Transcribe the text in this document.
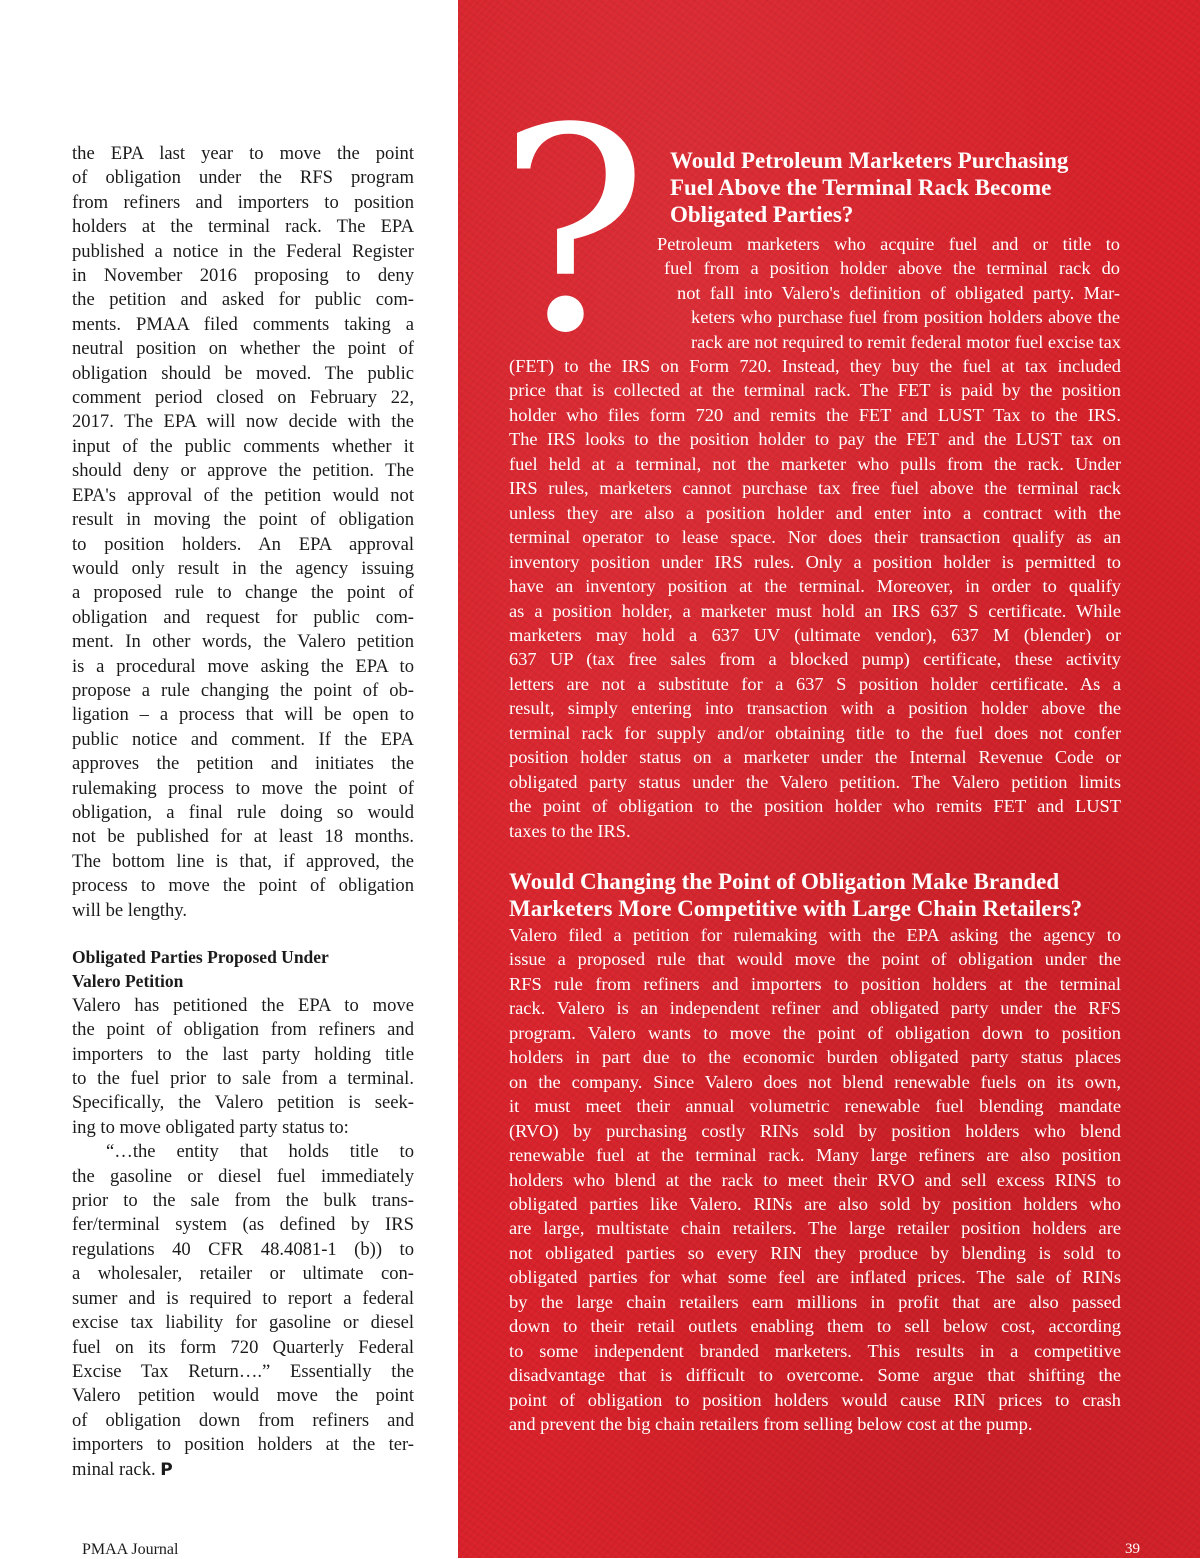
the EPA last year to move the point
of obligation under the RFS program
from refiners and importers to position
holders at the terminal rack. The EPA
published a notice in the Federal Register
in November 2016 proposing to deny
the petition and asked for public com-
ments. PMAA filed comments taking a
neutral position on whether the point of
obligation should be moved. The public
comment period closed on February 22,
2017. The EPA will now decide with the
input of the public comments whether it
should deny or approve the petition. The
EPA's approval of the petition would not
result in moving the point of obligation
to position holders. An EPA approval
would only result in the agency issuing
a proposed rule to change the point of
obligation and request for public com-
ment. In other words, the Valero petition
is a procedural move asking the EPA to
propose a rule changing the point of ob-
ligation – a process that will be open to
public notice and comment. If the EPA
approves the petition and initiates the
rulemaking process to move the point of
obligation, a final rule doing so would
not be published for at least 18 months.
The bottom line is that, if approved, the
process to move the point of obligation
will be lengthy.
Obligated Parties Proposed Under
Valero Petition
Valero has petitioned the EPA to move
the point of obligation from refiners and
importers to the last party holding title
to the fuel prior to sale from a terminal.
Specifically, the Valero petition is seek-
ing to move obligated party status to:
“…the entity that holds title to
the gasoline or diesel fuel immediately
prior to the sale from the bulk trans-
fer/terminal system (as defined by IRS
regulations 40 CFR 48.4081-1 (b)) to
a wholesaler, retailer or ultimate con-
sumer and is required to report a federal
excise tax liability for gasoline or diesel
fuel on its form 720 Quarterly Federal
Excise Tax Return….” Essentially the
Valero petition would move the point
of obligation down from refiners and
importers to position holders at the ter-
minal rack. P
? Would Petroleum Marketers Purchasing
Fuel Above the Terminal Rack Become
Obligated Parties?
Petroleum marketers who acquire fuel and or title to
fuel from a position holder above the terminal rack do
not fall into Valero's definition of obligated party. Mar-
keters who purchase fuel from position holders above the
rack are not required to remit federal motor fuel excise tax
(FET) to the IRS on Form 720. Instead, they buy the fuel at tax included
price that is collected at the terminal rack. The FET is paid by the position
holder who files form 720 and remits the FET and LUST Tax to the IRS.
The IRS looks to the position holder to pay the FET and the LUST tax on
fuel held at a terminal, not the marketer who pulls from the rack. Under
IRS rules, marketers cannot purchase tax free fuel above the terminal rack
unless they are also a position holder and enter into a contract with the
terminal operator to lease space. Nor does their transaction qualify as an
inventory position under IRS rules. Only a position holder is permitted to
have an inventory position at the terminal. Moreover, in order to qualify
as a position holder, a marketer must hold an IRS 637 S certificate. While
marketers may hold a 637 UV (ultimate vendor), 637 M (blender) or
637 UP (tax free sales from a blocked pump) certificate, these activity
letters are not a substitute for a 637 S position holder certificate. As a
result, simply entering into transaction with a position holder above the
terminal rack for supply and/or obtaining title to the fuel does not confer
position holder status on a marketer under the Internal Revenue Code or
obligated party status under the Valero petition. The Valero petition limits
the point of obligation to the position holder who remits FET and LUST
taxes to the IRS.
Would Changing the Point of Obligation Make Branded
Marketers More Competitive with Large Chain Retailers?
Valero filed a petition for rulemaking with the EPA asking the agency to
issue a proposed rule that would move the point of obligation under the
RFS rule from refiners and importers to position holders at the terminal
rack. Valero is an independent refiner and obligated party under the RFS
program. Valero wants to move the point of obligation down to position
holders in part due to the economic burden obligated party status places
on the company. Since Valero does not blend renewable fuels on its own,
it must meet their annual volumetric renewable fuel blending mandate
(RVO) by purchasing costly RINs sold by position holders who blend
renewable fuel at the terminal rack. Many large refiners are also position
holders who blend at the rack to meet their RVO and sell excess RINS to
obligated parties like Valero. RINs are also sold by position holders who
are large, multistate chain retailers. The large retailer position holders are
not obligated parties so every RIN they produce by blending is sold to
obligated parties for what some feel are inflated prices. The sale of RINs
by the large chain retailers earn millions in profit that are also passed
down to their retail outlets enabling them to sell below cost, according
to some independent branded marketers. This results in a competitive
disadvantage that is difficult to overcome. Some argue that shifting the
point of obligation to position holders would cause RIN prices to crash
and prevent the big chain retailers from selling below cost at the pump.
PMAA Journal	39
